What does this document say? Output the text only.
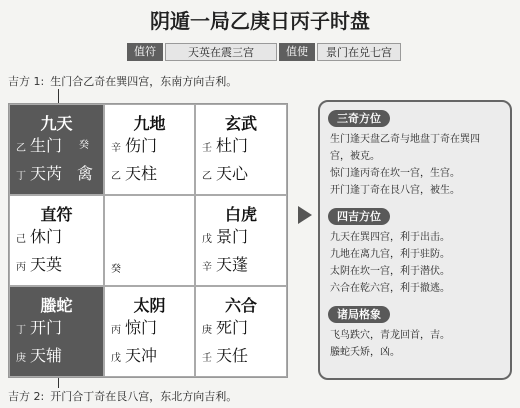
阴遁一局乙庚日丙子时盘
值符	天英在震三宫	值使	景门在兑七宫
吉方 1: 生门合乙奇在巽四宫，东南方向吉利。
九天
乙 生门 癸
丁 天芮 禽
九地
辛 伤门
乙 天柱
玄武
壬 杜门
乙 天心
直符
己 休门
丙 天英	癸
白虎
戊 景门
辛 天蓬
螣蛇
丁 开门
庚 天辅
太阴
丙 惊门
戊 天冲
六合
庚 死门
壬 天任
吉方 2: 开门合丁奇在艮八宫，东北方向吉利。
三奇方位
生门逢天盘乙奇与地盘丁奇在巽四
宫，被克。
惊门逢丙奇在坎一宫，生宫。
开门逢丁奇在艮八宫，被生。
四吉方位
九天在巽四宫，利于出击。
九地在离九宫，利于驻防。
太阴在坎一宫，利于潜伏。
六合在乾六宫，利于撤逃。
诸局格象
飞鸟跌穴，青龙回首，吉。
螣蛇夭矫，凶。
